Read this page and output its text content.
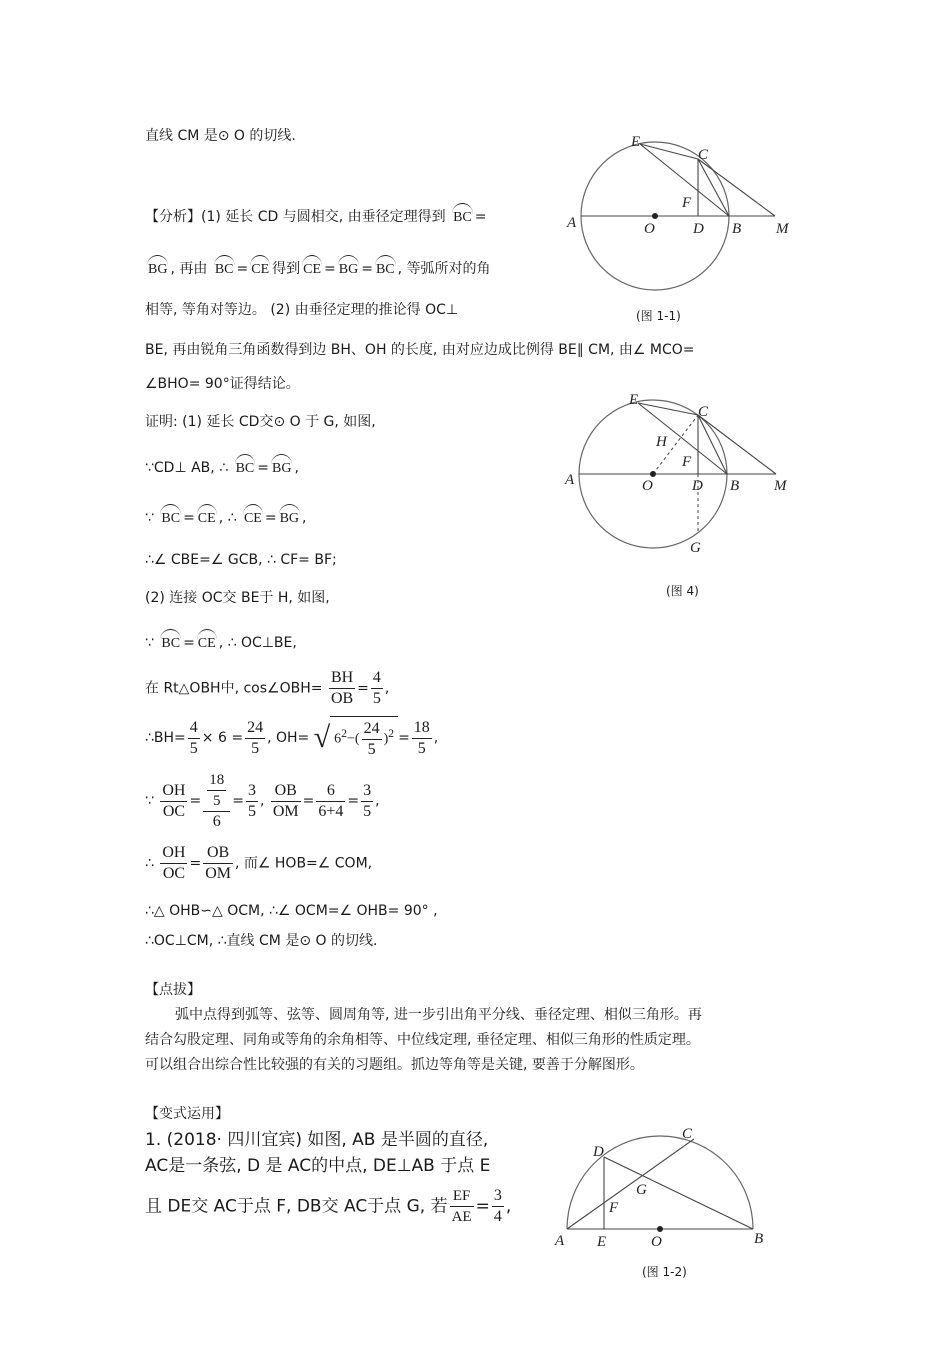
直线 CM 是⊙ O 的切线.
【分析】(1) 延长 CD 与圆相交, 由垂径定理得到 BC =
BG , 再由 BC = CE 得到 CE = BG = BC , 等弧所对的角
相等, 等角对等边。 (2) 由垂径定理的推论得 OC⊥
BE, 再由锐角三角函数得到边 BH、OH 的长度, 由对应边成比例得 BE∥ CM, 由∠ MCO=
∠BHO= 90°证得结论。
证明: (1) 延长 CD交⊙ O 于 G, 如图,
∵CD⊥ AB, ∴ BC = BG ,
∵ BC = CE , ∴ CE = BG ,
∴∠ CBE=∠ GCB, ∴ CF= BF;
(2) 连接 OC交 BE于 H, 如图,
∵ BC = CE , ∴ OC⊥BE,
在 Rt△OBH中, cos∠OBH= $\frac{BH}{OB} = \frac{4}{5}$ ,
∴BH= $\frac{4}{5} \times 6 = \frac{24}{5}$ , OH= √ $6^2-( \frac{24}{5} )^2 = \frac{18}{5}$ ,
∵ $\frac{OH}{OC} = \frac{\frac{18}{5}}{6} = \frac{3}{5}$ , $\frac{OB}{OM} = \frac{6}{6+4} = \frac{3}{5}$ ,
∴ $\frac{OH}{OC} = \frac{OB}{OM}$ , 而∠ HOB=∠ COM,
∴△ OHB∽△ OCM, ∴∠ OCM=∠ OHB= 90° ,
∴OC⊥CM, ∴直线 CM 是⊙ O 的切线.
【点拔】
弧中点得到弧等、弦等、圆周角等, 进一步引出角平分线、垂径定理、相似三角形。再
结合勾股定理、同角或等角的余角相等、中位线定理, 垂径定理、相似三角形的性质定理。
可以组合出综合性比较强的有关的习题组。抓边等角等是关键, 要善于分解图形。
【变式运用】
1. (2018· 四川宜宾) 如图, AB 是半圆的直径,
AC是一条弦, D 是 AC的中点, DE⊥AB 于点 E
且 DE交 AC于点 F, DB交 AC于点 G, 若 $\frac{EF}{AE} = \frac{3}{4}$ ,
E
C
F
A	O	D B M
(图 1-1)
E
C
H
F
A	O	D B M
G
(图 4)
D
C
G
F
A E	O	B
(图 1-2)
